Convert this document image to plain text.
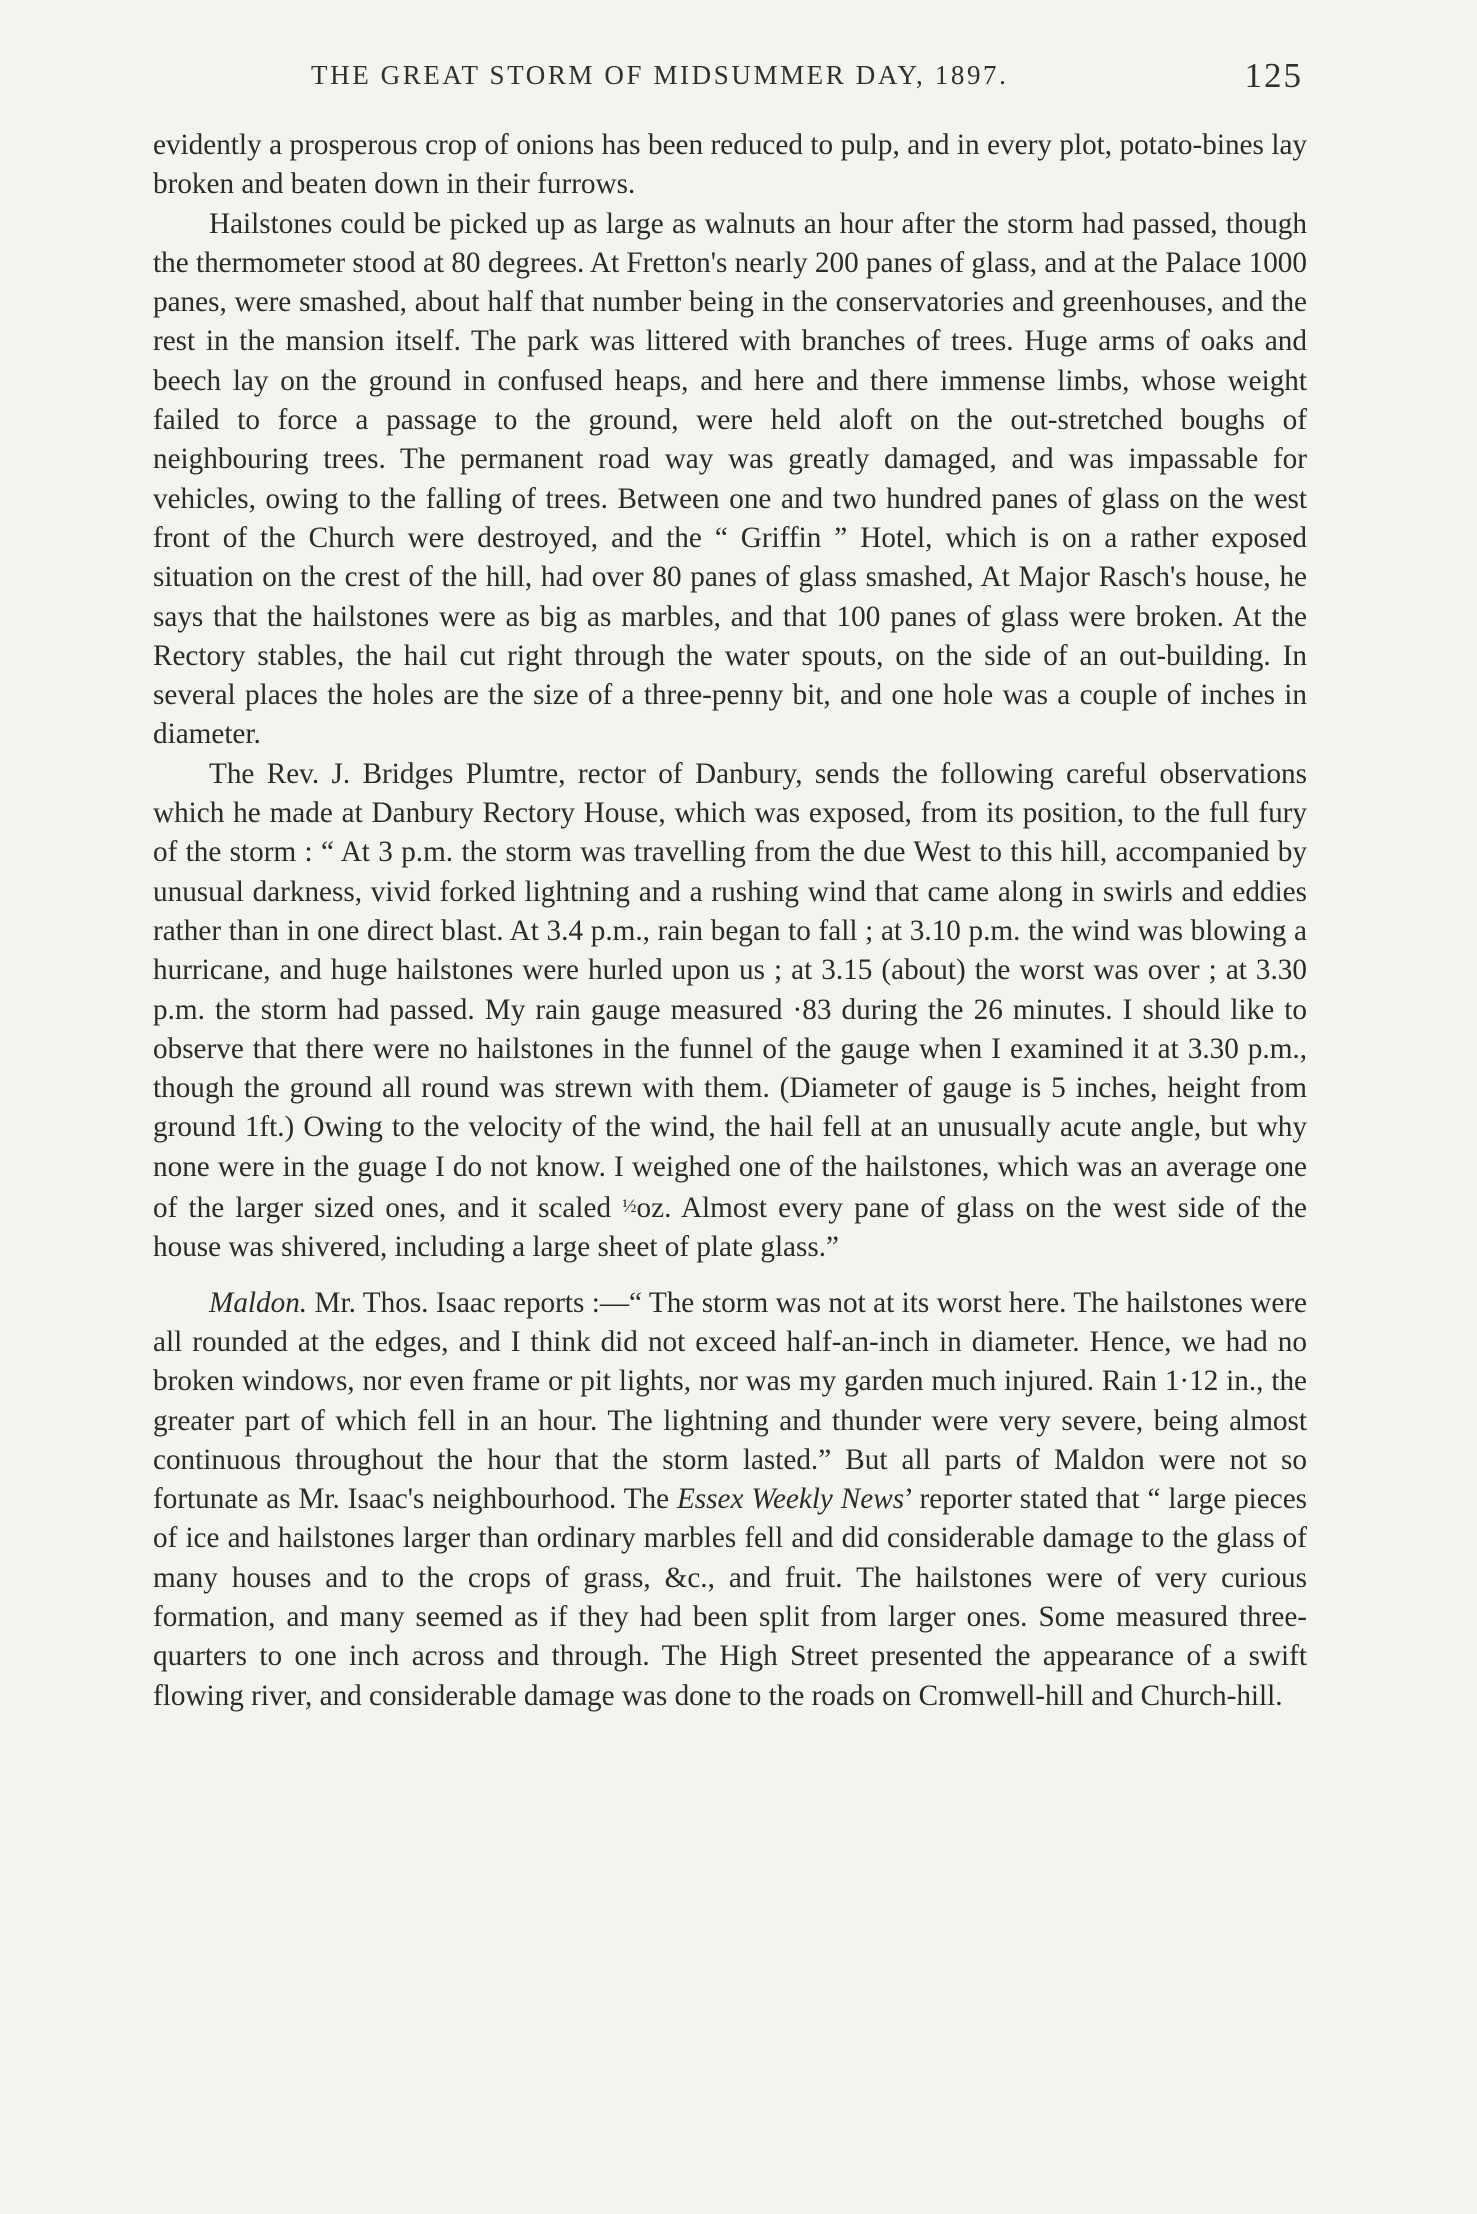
THE GREAT STORM OF MIDSUMMER DAY, 1897.	125

evidently a prosperous crop of onions has been reduced to pulp, and in every plot, potato-bines lay broken and beaten down in their furrows.

Hailstones could be picked up as large as walnuts an hour after the storm had passed, though the thermometer stood at 80 degrees. At Fretton's nearly 200 panes of glass, and at the Palace 1000 panes, were smashed, about half that number being in the conservatories and greenhouses, and the rest in the mansion itself. The park was littered with branches of trees. Huge arms of oaks and beech lay on the ground in confused heaps, and here and there immense limbs, whose weight failed to force a passage to the ground, were held aloft on the out-stretched boughs of neighbouring trees. The permanent road way was greatly damaged, and was impassable for vehicles, owing to the falling of trees. Between one and two hundred panes of glass on the west front of the Church were destroyed, and the “ Griffin ” Hotel, which is on a rather exposed situation on the crest of the hill, had over 80 panes of glass smashed, At Major Rasch's house, he says that the hailstones were as big as marbles, and that 100 panes of glass were broken. At the Rectory stables, the hail cut right through the water spouts, on the side of an out-building. In several places the holes are the size of a three-penny bit, and one hole was a couple of inches in diameter.

The Rev. J. Bridges Plumtre, rector of Danbury, sends the following careful observations which he made at Danbury Rectory House, which was exposed, from its position, to the full fury of the storm : “ At 3 p.m. the storm was travelling from the due West to this hill, accompanied by unusual darkness, vivid forked lightning and a rushing wind that came along in swirls and eddies rather than in one direct blast. At 3.4 p.m., rain began to fall ; at 3.10 p.m. the wind was blowing a hurricane, and huge hailstones were hurled upon us ; at 3.15 (about) the worst was over ; at 3.30 p.m. the storm had passed. My rain gauge measured ·83 during the 26 minutes. I should like to observe that there were no hailstones in the funnel of the gauge when I examined it at 3.30 p.m., though the ground all round was strewn with them. (Diameter of gauge is 5 inches, height from ground 1ft.) Owing to the velocity of the wind, the hail fell at an unusually acute angle, but why none were in the guage I do not know. I weighed one of the hailstones, which was an average one of the larger sized ones, and it scaled ½oz. Almost every pane of glass on the west side of the house was shivered, including a large sheet of plate glass.”

Maldon. Mr. Thos. Isaac reports :—“ The storm was not at its worst here. The hailstones were all rounded at the edges, and I think did not exceed half-an-inch in diameter. Hence, we had no broken windows, nor even frame or pit lights, nor was my garden much injured. Rain 1·12 in., the greater part of which fell in an hour. The lightning and thunder were very severe, being almost continuous throughout the hour that the storm lasted.” But all parts of Maldon were not so fortunate as Mr. Isaac's neighbourhood. The Essex Weekly News’ reporter stated that “ large pieces of ice and hailstones larger than ordinary marbles fell and did considerable damage to the glass of many houses and to the crops of grass, &c., and fruit. The hailstones were of very curious formation, and many seemed as if they had been split from larger ones. Some measured three-quarters to one inch across and through. The High Street presented the appearance of a swift flowing river, and considerable damage was done to the roads on Cromwell-hill and Church-hill.
